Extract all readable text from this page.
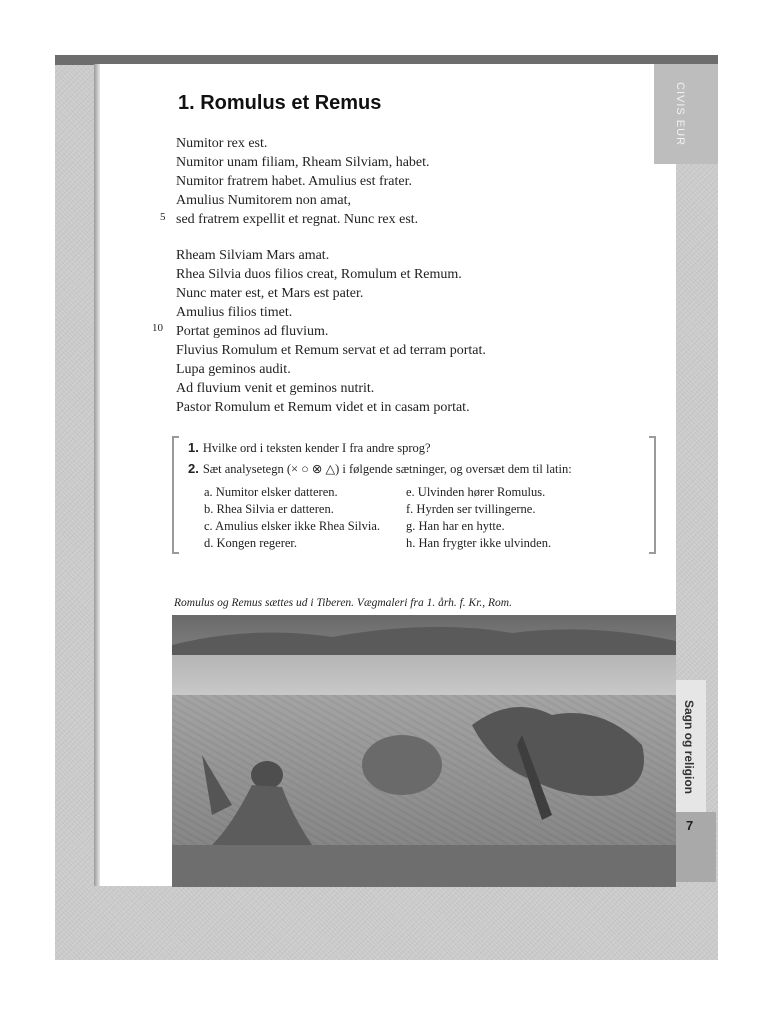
CIVIS EUR
Sagn og religion
7
1. Romulus et Remus
Numitor rex est.
Numitor unam filiam, Rheam Silviam, habet.
Numitor fratrem habet. Amulius est frater.
Amulius Numitorem non amat,
sed fratrem expellit et regnat. Nunc rex est.
5
Rheam Silviam Mars amat.
Rhea Silvia duos filios creat, Romulum et Remum.
Nunc mater est, et Mars est pater.
Amulius filios timet.
Portat geminos ad fluvium.
Fluvius Romulum et Remum servat et ad terram portat.
Lupa geminos audit.
Ad fluvium venit et geminos nutrit.
Pastor Romulum et Remum videt et in casam portat.
10
1. Hvilke ord i teksten kender I fra andre sprog?
2. Sæt analysetegn (× ○ ⊗ △) i følgende sætninger, og oversæt dem til latin:
a. Numitor elsker datteren.
b. Rhea Silvia er datteren.
c. Amulius elsker ikke Rhea Silvia.
d. Kongen regerer.
e. Ulvinden hører Romulus.
f. Hyrden ser tvillingerne.
g. Han har en hytte.
h. Han frygter ikke ulvinden.
Romulus og Remus sættes ud i Tiberen. Vægmaleri fra 1. årh. f. Kr., Rom.
